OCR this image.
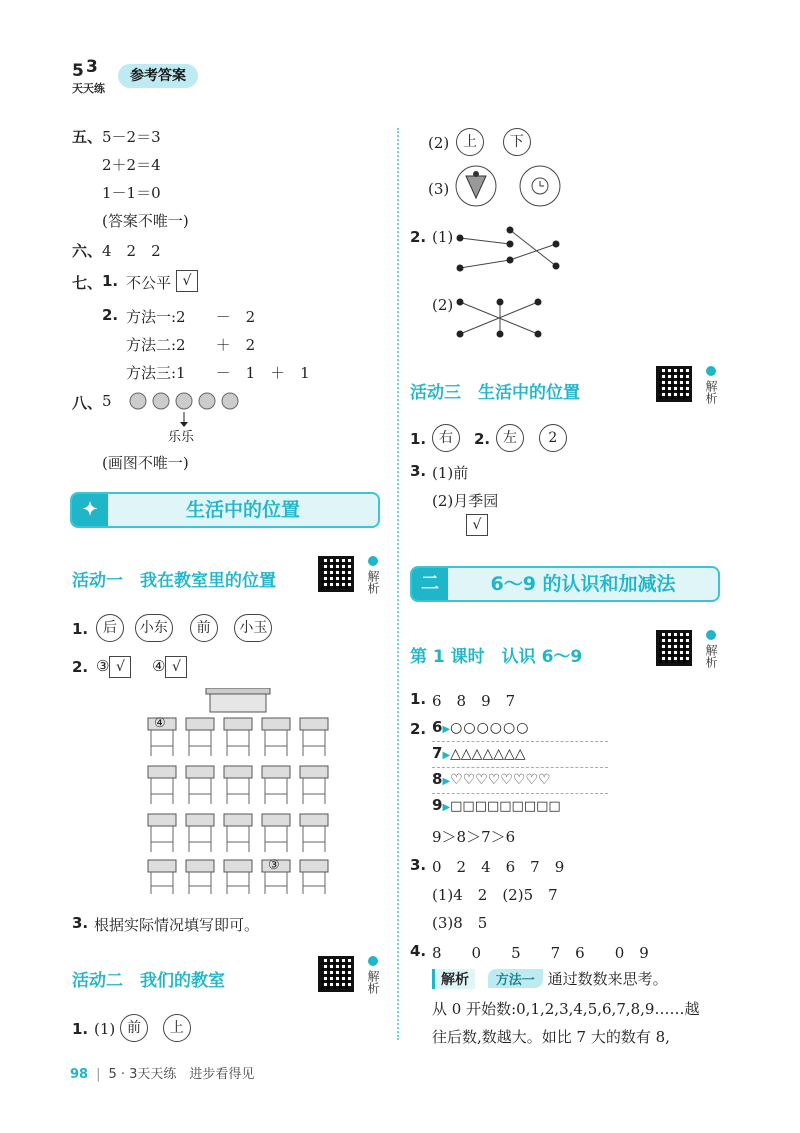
5 3
天天练
参考答案
五、 5－2＝3
2＋2＝4
1－1＝0
(答案不唯一)
六、 4　2　2
七、 1. 不公平 √
2. 方法一:2　　－　2
方法二:2　　＋　2
方法三:1　　－　1　＋　1
八、 5
乐乐
(画图不唯一)
✦	生活中的位置
活动一　我在教室里的位置	解析
1.	后 小东 前 小玉
2. ③ √	④ √
④
③
3. 根据实际情况填写即可。
活动二　我们的教室	解析
1. (1) 前 上
(2) 上 下
(3)
2. (1)
(2)
活动三　生活中的位置	解析
1. 右	2. 左 2
3. (1)前
(2)月季园
√
二	6～9 的认识和加减法
第 1 课时　认识 6～9	解析
1. 6　8　9　7
2. 6▶○○○○○○
7▶△△△△△△△
8▶♡♡♡♡♡♡♡♡
9▶□□□□□□□□□
9＞8＞7＞6
3. 0　2　4　6　7　9
(1)4　2　(2)5　7
(3)8　5
4. 8　　0　　5　　7　6　　0　9
解析 方法一 通过数数来思考。
从 0 开始数:0,1,2,3,4,5,6,7,8,9……越
往后数,数越大。如比 7 大的数有 8,
98 | 5 · 3天天练　进步看得见
